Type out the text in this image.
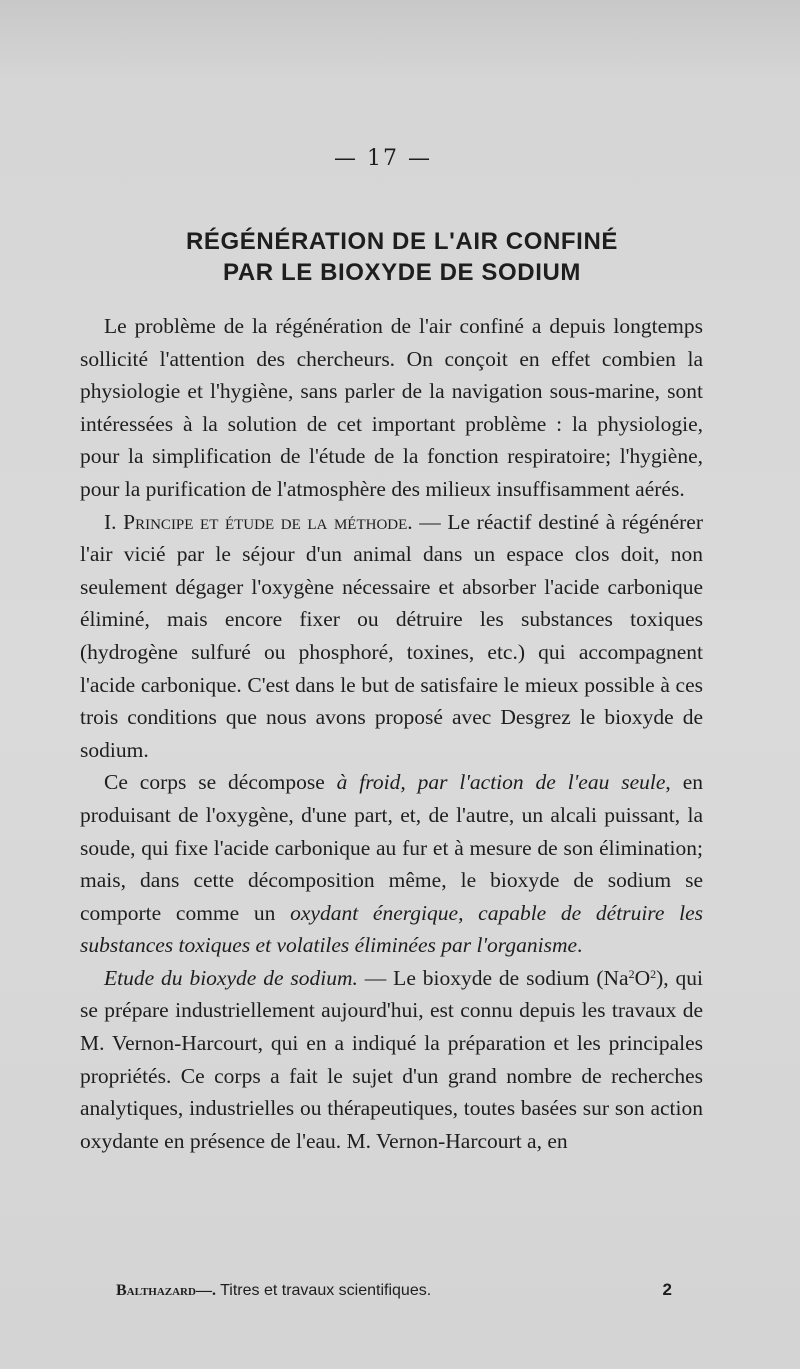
— 17 —
RÉGÉNÉRATION DE L'AIR CONFINÉ
PAR LE BIOXYDE DE SODIUM

Le problème de la régénération de l'air confiné a depuis longtemps sollicité l'attention des chercheurs. On conçoit en effet combien la physiologie et l'hygiène, sans parler de la navigation sous-marine, sont intéressées à la solution de cet important problème : la physiologie, pour la simplification de l'étude de la fonction respiratoire; l'hygiène, pour la purification de l'atmosphère des milieux insuffisamment aérés.

I. Principe et étude de la méthode. — Le réactif destiné à régénérer l'air vicié par le séjour d'un animal dans un espace clos doit, non seulement dégager l'oxygène nécessaire et absorber l'acide carbonique éliminé, mais encore fixer ou détruire les substances toxiques (hydrogène sulfuré ou phosphoré, toxines, etc.) qui accompagnent l'acide carbonique. C'est dans le but de satisfaire le mieux possible à ces trois conditions que nous avons proposé avec Desgrez le bioxyde de sodium.

Ce corps se décompose à froid, par l'action de l'eau seule, en produisant de l'oxygène, d'une part, et, de l'autre, un alcali puissant, la soude, qui fixe l'acide carbonique au fur et à mesure de son élimination; mais, dans cette décomposition même, le bioxyde de sodium se comporte comme un oxydant énergique, capable de détruire les substances toxiques et volatiles éliminées par l'organisme.

Etude du bioxyde de sodium. — Le bioxyde de sodium $(Na^2O^2)$, qui se prépare industriellement aujourd'hui, est connu depuis les travaux de M. Vernon-Harcourt, qui en a indiqué la préparation et les principales propriétés. Ce corps a fait le sujet d'un grand nombre de recherches analytiques, industrielles ou thérapeutiques, toutes basées sur son action oxydante en présence de l'eau. M. Vernon-Harcourt a, en

Balthazard—. Titres et travaux scientifiques.	2
